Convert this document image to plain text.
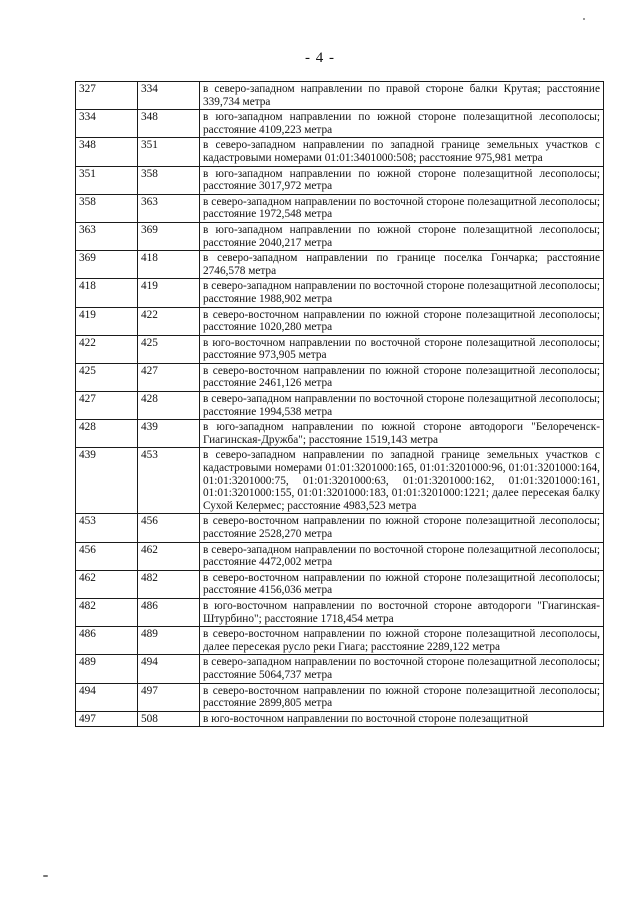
- 4 -
327	334	в северо-западном направлении по правой стороне балки Крутая; расстояние 339,734 метра
334	348	в юго-западном направлении по южной стороне полезащитной лесополосы; расстояние 4109,223 метра
348	351	в северо-западном направлении по западной границе земельных участков с кадастровыми номерами 01:01:3401000:508; расстояние 975,981 метра
351	358	в юго-западном направлении по южной стороне полезащитной лесополосы; расстояние 3017,972 метра
358	363	в северо-западном направлении по восточной стороне полезащитной лесополосы; расстояние 1972,548 метра
363	369	в юго-западном направлении по южной стороне полезащитной лесополосы; расстояние 2040,217 метра
369	418	в северо-западном направлении по границе поселка Гончарка; расстояние 2746,578 метра
418	419	в северо-западном направлении по восточной стороне полезащитной лесополосы; расстояние 1988,902 метра
419	422	в северо-восточном направлении по южной стороне полезащитной лесополосы; расстояние 1020,280 метра
422	425	в юго-восточном направлении по восточной стороне полезащитной лесополосы; расстояние 973,905 метра
425	427	в северо-восточном направлении по южной стороне полезащитной лесополосы; расстояние 2461,126 метра
427	428	в северо-западном направлении по восточной стороне полезащитной лесополосы; расстояние 1994,538 метра
428	439	в юго-западном направлении по южной стороне автодороги "Белореченск-Гиагинская-Дружба"; расстояние 1519,143 метра
439	453	в северо-западном направлении по западной границе земельных участков с кадастровыми номерами 01:01:3201000:165, 01:01:3201000:96, 01:01:3201000:164, 01:01:3201000:75, 01:01:3201000:63, 01:01:3201000:162, 01:01:3201000:161, 01:01:3201000:155, 01:01:3201000:183, 01:01:3201000:1221; далее пересекая балку Сухой Келермес; расстояние 4983,523 метра
453	456	в северо-восточном направлении по южной стороне полезащитной лесополосы; расстояние 2528,270 метра
456	462	в северо-западном направлении по восточной стороне полезащитной лесополосы; расстояние 4472,002 метра
462	482	в северо-восточном направлении по южной стороне полезащитной лесополосы; расстояние 4156,036 метра
482	486	в юго-восточном направлении по восточной стороне автодороги "Гиагинская-Штурбино"; расстояние 1718,454 метра
486	489	в северо-восточном направлении по южной стороне полезащитной лесополосы, далее пересекая русло реки Гиага; расстояние 2289,122 метра
489	494	в северо-западном направлении по восточной стороне полезащитной лесополосы; расстояние 5064,737 метра
494	497	в северо-восточном направлении по южной стороне полезащитной лесополосы; расстояние 2899,805 метра
497	508	в юго-восточном направлении по восточной стороне полезащитной
